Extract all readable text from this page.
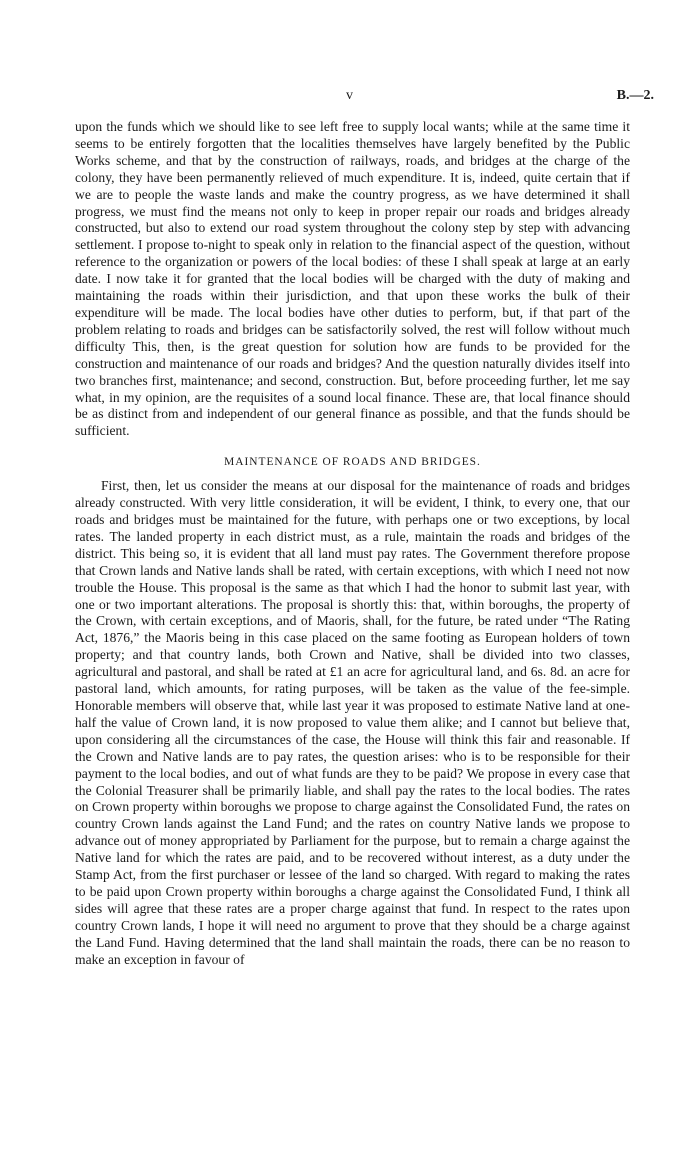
v	B.—2.

upon the funds which we should like to see left free to supply local wants; while at the same time it seems to be entirely forgotten that the localities themselves have largely benefited by the Public Works scheme, and that by the construction of railways, roads, and bridges at the charge of the colony, they have been permanently relieved of much expenditure. It is, indeed, quite certain that if we are to people the waste lands and make the country progress, as we have determined it shall progress, we must find the means not only to keep in proper repair our roads and bridges already constructed, but also to extend our road system throughout the colony step by step with advancing settlement. I propose to-night to speak only in relation to the financial aspect of the question, without reference to the organization or powers of the local bodies: of these I shall speak at large at an early date. I now take it for granted that the local bodies will be charged with the duty of making and maintaining the roads within their jurisdiction, and that upon these works the bulk of their expenditure will be made. The local bodies have other duties to perform, but, if that part of the problem relating to roads and bridges can be satisfactorily solved, the rest will follow without much difficulty This, then, is the great question for solution how are funds to be provided for the construction and maintenance of our roads and bridges? And the question naturally divides itself into two branches first, maintenance; and second, construction. But, before proceeding further, let me say what, in my opinion, are the requisites of a sound local finance. These are, that local finance should be as distinct from and independent of our general finance as possible, and that the funds should be sufficient.

MAINTENANCE OF ROADS AND BRIDGES.

First, then, let us consider the means at our disposal for the maintenance of roads and bridges already constructed. With very little consideration, it will be evident, I think, to every one, that our roads and bridges must be maintained for the future, with perhaps one or two exceptions, by local rates. The landed property in each district must, as a rule, maintain the roads and bridges of the district. This being so, it is evident that all land must pay rates. The Government therefore propose that Crown lands and Native lands shall be rated, with certain exceptions, with which I need not now trouble the House. This proposal is the same as that which I had the honor to submit last year, with one or two important alterations. The proposal is shortly this: that, within boroughs, the property of the Crown, with certain exceptions, and of Maoris, shall, for the future, be rated under “The Rating Act, 1876,” the Maoris being in this case placed on the same footing as European holders of town property; and that country lands, both Crown and Native, shall be divided into two classes, agricultural and pastoral, and shall be rated at £1 an acre for agricultural land, and 6s. 8d. an acre for pastoral land, which amounts, for rating purposes, will be taken as the value of the fee-simple. Honorable members will observe that, while last year it was proposed to estimate Native land at one-half the value of Crown land, it is now proposed to value them alike; and I cannot but believe that, upon considering all the circumstances of the case, the House will think this fair and reasonable. If the Crown and Native lands are to pay rates, the question arises: who is to be responsible for their payment to the local bodies, and out of what funds are they to be paid? We propose in every case that the Colonial Treasurer shall be primarily liable, and shall pay the rates to the local bodies. The rates on Crown property within boroughs we propose to charge against the Consolidated Fund, the rates on country Crown lands against the Land Fund; and the rates on country Native lands we propose to advance out of money appropriated by Parliament for the purpose, but to remain a charge against the Native land for which the rates are paid, and to be recovered without interest, as a duty under the Stamp Act, from the first purchaser or lessee of the land so charged. With regard to making the rates to be paid upon Crown property within boroughs a charge against the Consolidated Fund, I think all sides will agree that these rates are a proper charge against that fund. In respect to the rates upon country Crown lands, I hope it will need no argument to prove that they should be a charge against the Land Fund. Having determined that the land shall maintain the roads, there can be no reason to make an exception in favour of
